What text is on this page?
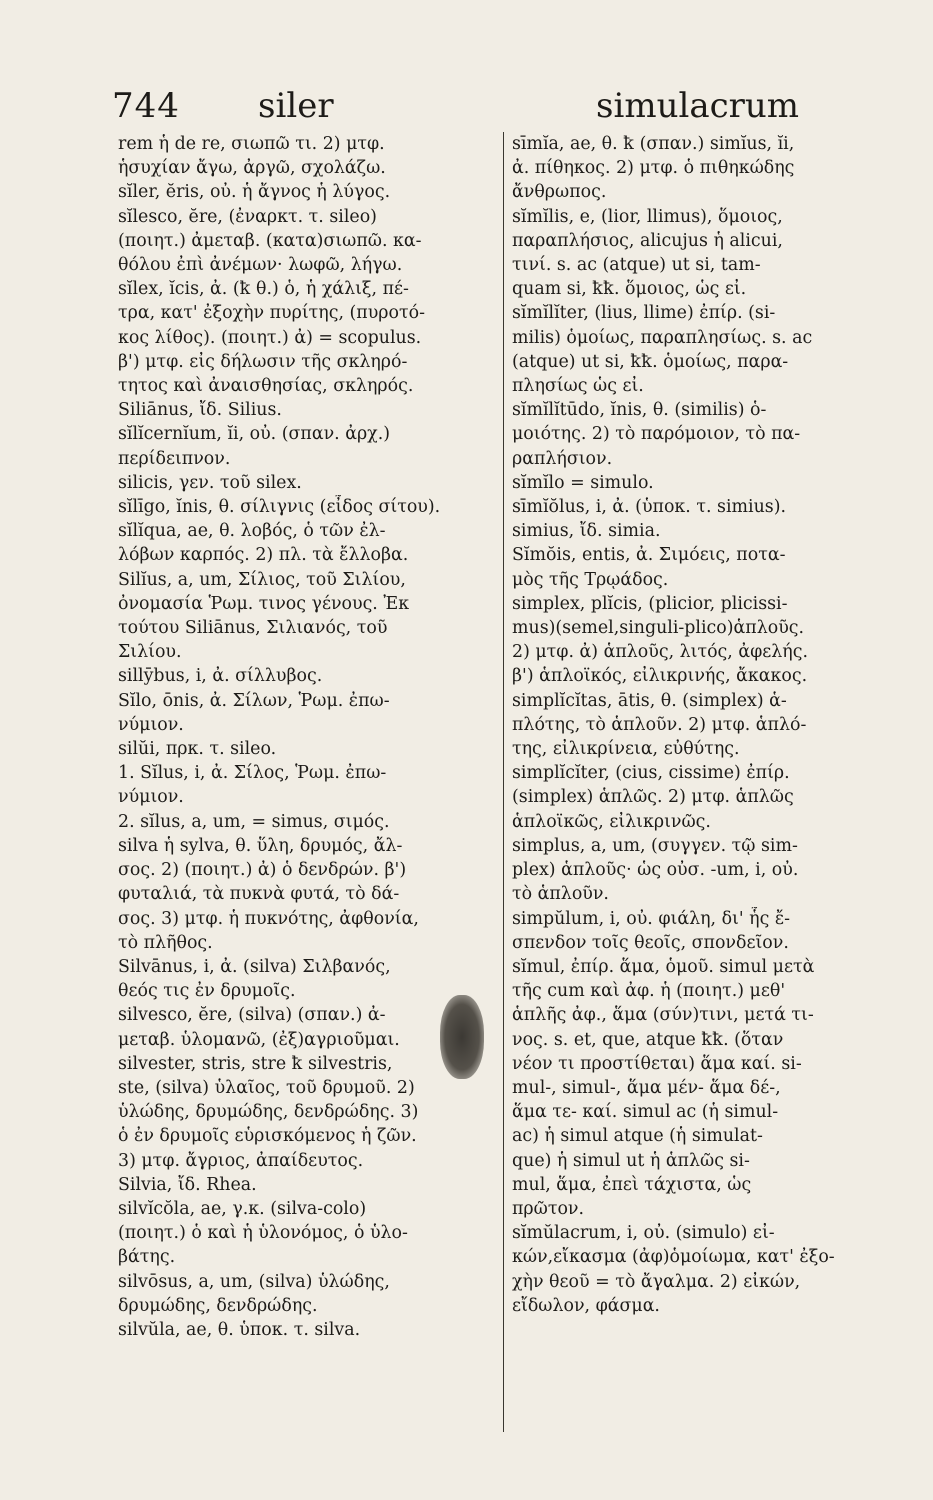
744 siler	simulacrum
rem ἡ de re, σιωπῶ τι. 2) μτφ.
ἡσυχίαν ἄγω, ἀργῶ, σχολάζω.
sĭler, ĕris, οὐ. ἡ ἄγνος ἡ λύγος.
sĭlesco, ĕre, (ἐναρκτ. τ. sileo)
(ποιητ.) ἀμεταβ. (κατα)σιωπῶ. κα-
θόλου ἐπὶ ἀνέμων· λωφῶ, λήγω.
sĭlex, ĭcis, ἀ. (ꝁ θ.) ὁ, ἡ χάλιξ, πέ-
τρα, κατ' ἐξοχὴν πυρίτης, (πυροτό-
κος λίθος). (ποιητ.) ἀ) = scopulus.
β') μτφ. εἰς δήλωσιν τῆς σκληρό-
τητος καὶ ἀναισθησίας, σκληρός.
Siliānus, ἴδ. Silius.
sĭlĭcernĭum, ĭi, οὐ. (σπαν. ἀρχ.)
περίδειπνον.
silicis, γεν. τοῦ silex.
sĭlīgo, ĭnis, θ. σίλιγνις (εἶδος σίτου).
sĭlĭqua, ae, θ. λοβός, ὁ τῶν ἐλ-
λόβων καρπός. 2) πλ. τὰ ἔλλοβα.
Silĭus, a, um, Σίλιος, τοῦ Σιλίου,
ὀνομασία Ῥωμ. τινος γένους. Ἐκ
τούτου Siliānus, Σιλιανός, τοῦ
Σιλίου.
sillȳbus, i, ἀ. σίλλυβος.
Sĭlo, ōnis, ἀ. Σίλων, Ῥωμ. ἐπω-
νύμιον.
silŭi, πρκ. τ. sileo.
1. Sĭlus, i, ἀ. Σίλος, Ῥωμ. ἐπω-
νύμιον.
2. sĭlus, a, um, = simus, σιμός.
silva ἡ sylva, θ. ὕλη, δρυμός, ἄλ-
σος. 2) (ποιητ.) ἀ) ὁ δενδρών. β')
φυταλιά, τὰ πυκνὰ φυτά, τὸ δά-
σος. 3) μτφ. ἡ πυκνότης, ἀφθονία,
τὸ πλῆθος.
Silvānus, i, ἀ. (silva) Σιλβανός,
θεός τις ἐν δρυμοῖς.
silvesco, ĕre, (silva) (σπαν.) ἀ-
μεταβ. ὑλομανῶ, (ἐξ)αγριοῦμαι.
silvester, stris, stre ꝁ silvestris,
ste, (silva) ὑλαῖος, τοῦ δρυμοῦ. 2)
ὑλώδης, δρυμώδης, δενδρώδης. 3)
ὁ ἐν δρυμοῖς εὑρισκόμενος ἡ ζῶν.
3) μτφ. ἄγριος, ἀπαίδευτος.
Silvia, ἴδ. Rhea.
silvĭcŏla, ae, γ.κ. (silva-colo)
(ποιητ.) ὁ καὶ ἡ ὑλονόμος, ὁ ὑλο-
βάτης.
silvōsus, a, um, (silva) ὑλώδης,
δρυμώδης, δενδρώδης.
silvŭla, ae, θ. ὑποκ. τ. silva.
sīmĭa, ae, θ. ꝁ (σπαν.) simĭus, ĭi,
ἀ. πίθηκος. 2) μτφ. ὁ πιθηκώδης
ἄνθρωπος.
sĭmĭlis, e, (lior, llimus), ὅμοιος,
παραπλήσιος, alicujus ἡ alicui,
τινί. s. ac (atque) ut si, tam-
quam si, ꝁꝁ. ὅμοιος, ὡς εἰ.
sĭmĭlĭter, (lius, llime) ἐπίρ. (si-
milis) ὁμοίως, παραπλησίως. s. ac
(atque) ut si, ꝁꝁ. ὁμοίως, παρα-
πλησίως ὡς εἰ.
sĭmĭlĭtūdo, ĭnis, θ. (similis) ὁ-
μοιότης. 2) τὸ παρόμοιον, τὸ πα-
ραπλήσιον.
sĭmĭlo = simulo.
sīmĭŏlus, i, ἀ. (ὑποκ. τ. simius).
simius, ἴδ. simia.
Sĭmŏis, entis, ἀ. Σιμόεις, ποτα-
μὸς τῆς Τρῳάδος.
simplex, plĭcis, (plicior, plicissi-
mus)(semel,singuli-plico)ἁπλοῦς.
2) μτφ. ἀ) ἁπλοῦς, λιτός, ἀφελής.
β') ἁπλοϊκός, εἰλικρινής, ἄκακος.
simplĭcĭtas, ātis, θ. (simplex) ἁ-
πλότης, τὸ ἁπλοῦν. 2) μτφ. ἁπλό-
της, εἰλικρίνεια, εὐθύτης.
simplĭcĭter, (cius, cissime) ἐπίρ.
(simplex) ἁπλῶς. 2) μτφ. ἁπλῶς
ἁπλοϊκῶς, εἰλικρινῶς.
simplus, a, um, (συγγεν. τῷ sim-
plex) ἁπλοῦς· ὡς οὐσ. -um, i, οὐ.
τὸ ἁπλοῦν.
simpŭlum, i, οὐ. φιάλη, δι' ἧς ἔ-
σπενδον τοῖς θεοῖς, σπονδεῖον.
sĭmul, ἐπίρ. ἅμα, ὁμοῦ. simul μετὰ
τῆς cum καὶ ἀφ. ἡ (ποιητ.) μεθ'
ἁπλῆς ἀφ., ἅμα (σύν)τινι, μετά τι-
νος. s. et, que, atque ꝁꝁ. (ὅταν
νέον τι προστίθεται) ἅμα καί. si-
mul-, simul-, ἅμα μέν- ἅμα δέ-,
ἅμα τε- καί. simul ac (ἡ simul-
ac) ἡ simul atque (ἡ simulat-
que) ἡ simul ut ἡ ἁπλῶς si-
mul, ἅμα, ἐπεὶ τάχιστα, ὡς
πρῶτον.
sĭmŭlacrum, i, οὐ. (simulo) εἰ-
κών,εἴκασμα (ἀφ)ὁμοίωμα, κατ' ἐξο-
χὴν θεοῦ = τὸ ἄγαλμα. 2) εἰκών,
εἴδωλον, φάσμα.
